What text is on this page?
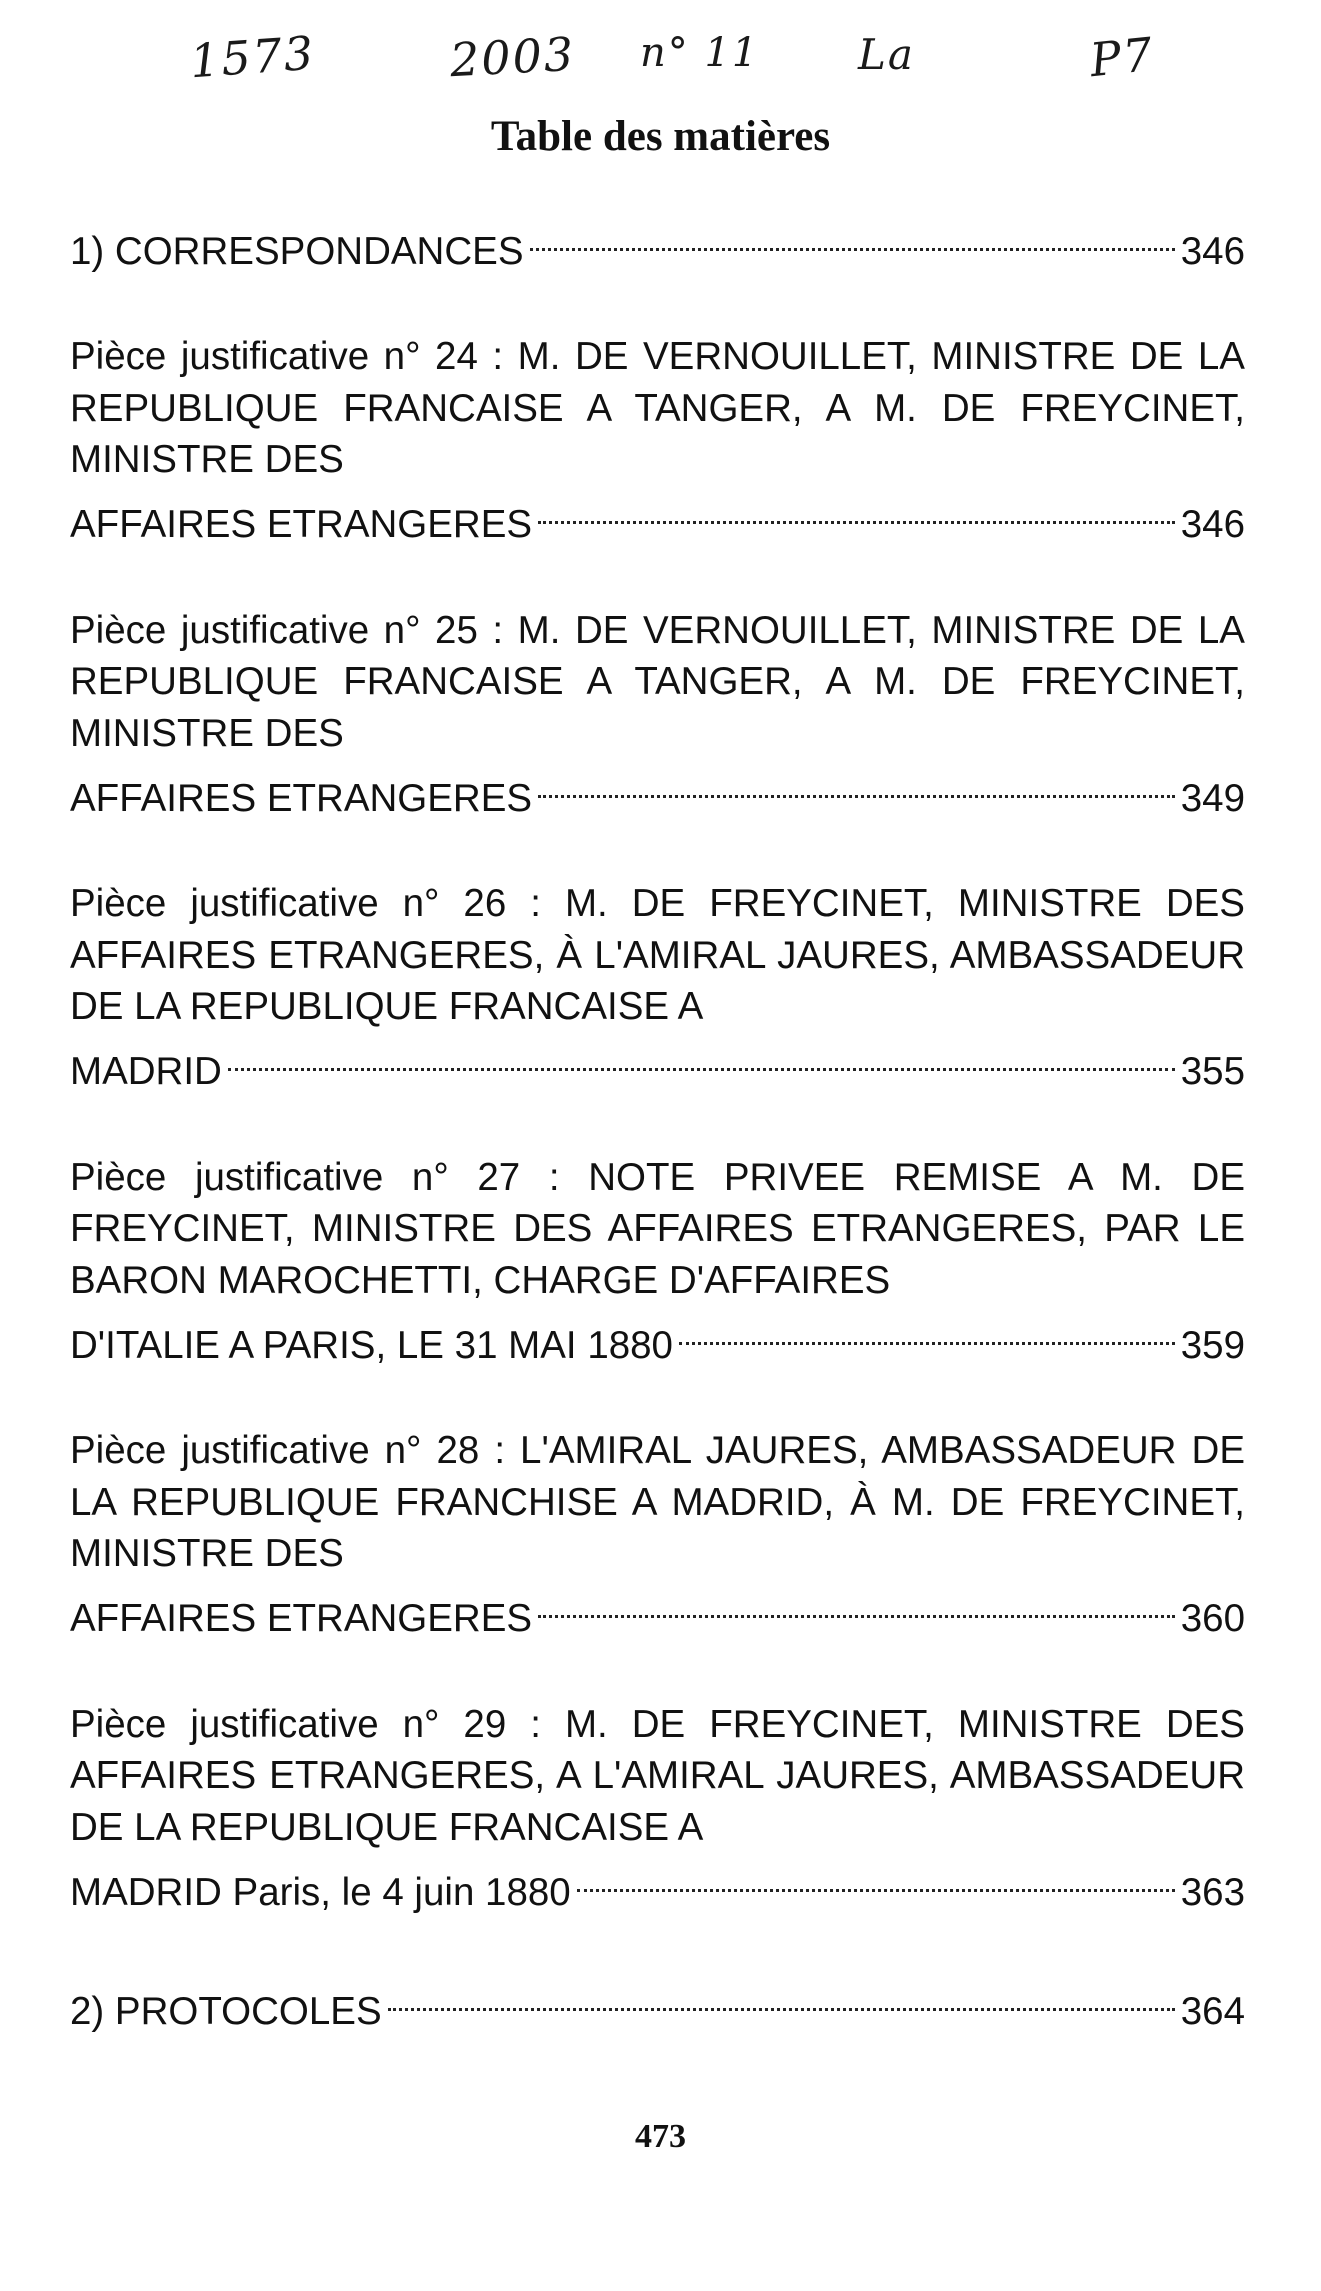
1573	2003 n° 11 La	P7
Table des matières
1) CORRESPONDANCES	346
Pièce justificative n° 24 : M. DE VERNOUILLET, MINISTRE DE LA REPUBLIQUE FRANCAISE A TANGER, A M. DE FREYCINET, MINISTRE DES
AFFAIRES ETRANGERES	346
Pièce justificative n° 25 : M. DE VERNOUILLET, MINISTRE DE LA REPUBLIQUE FRANCAISE A TANGER, A M. DE FREYCINET, MINISTRE DES
AFFAIRES ETRANGERES	349
Pièce justificative n° 26 : M. DE FREYCINET, MINISTRE DES AFFAIRES ETRANGERES, À L'AMIRAL JAURES, AMBASSADEUR DE LA REPUBLIQUE FRANCAISE A
MADRID	355
Pièce justificative n° 27 : NOTE PRIVEE REMISE A M. DE FREYCINET, MINISTRE DES AFFAIRES ETRANGERES, PAR LE BARON MAROCHETTI, CHARGE D'AFFAIRES
D'ITALIE A PARIS, LE 31 MAI 1880	359
Pièce justificative n° 28 : L'AMIRAL JAURES, AMBASSADEUR DE LA REPUBLIQUE FRANCHISE A MADRID, À M. DE FREYCINET, MINISTRE DES
AFFAIRES ETRANGERES	360
Pièce justificative n° 29 : M. DE FREYCINET, MINISTRE DES AFFAIRES ETRANGERES, A L'AMIRAL JAURES, AMBASSADEUR DE LA REPUBLIQUE FRANCAISE A
MADRID Paris, le 4 juin 1880	363
2) PROTOCOLES	364
473
